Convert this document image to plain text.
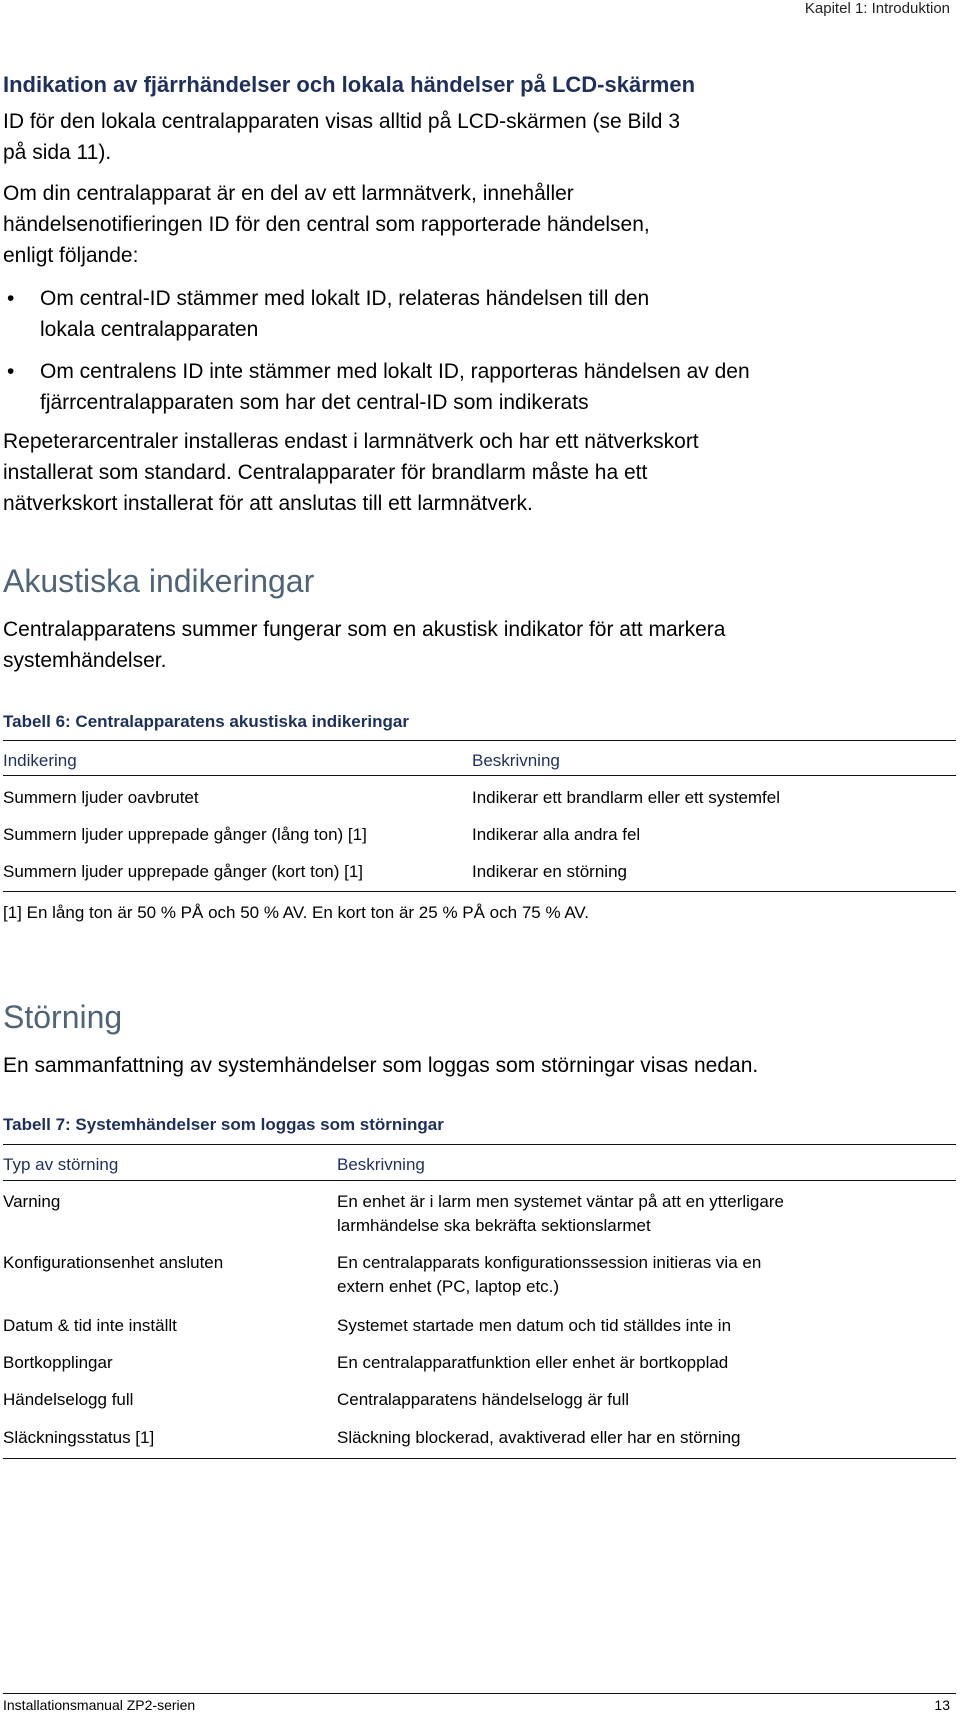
Kapitel 1: Introduktion
Indikation av fjärrhändelser och lokala händelser på LCD-skärmen
ID för den lokala centralapparaten visas alltid på LCD-skärmen (se Bild 3
på sida 11).
Om din centralapparat är en del av ett larmnätverk, innehåller
händelsenotifieringen ID för den central som rapporterade händelsen,
enligt följande:
• Om central-ID stämmer med lokalt ID, relateras händelsen till den
lokala centralapparaten
• Om centralens ID inte stämmer med lokalt ID, rapporteras händelsen av den
fjärrcentralapparaten som har det central-ID som indikerats
Repeterarcentraler installeras endast i larmnätverk och har ett nätverkskort
installerat som standard. Centralapparater för brandlarm måste ha ett
nätverkskort installerat för att anslutas till ett larmnätverk.
Akustiska indikeringar
Centralapparatens summer fungerar som en akustisk indikator för att markera
systemhändelser.
Tabell 6: Centralapparatens akustiska indikeringar
Indikering	Beskrivning
Summern ljuder oavbrutet	Indikerar ett brandlarm eller ett systemfel
Summern ljuder upprepade gånger (lång ton) [1]	Indikerar alla andra fel
Summern ljuder upprepade gånger (kort ton) [1]	Indikerar en störning
[1] En lång ton är 50 % PÅ och 50 % AV. En kort ton är 25 % PÅ och 75 % AV.
Störning
En sammanfattning av systemhändelser som loggas som störningar visas nedan.
Tabell 7: Systemhändelser som loggas som störningar
Typ av störning	Beskrivning
Varning	En enhet är i larm men systemet väntar på att en ytterligare
larmhändelse ska bekräfta sektionslarmet
Konfigurationsenhet ansluten	En centralapparats konfigurationssession initieras via en
extern enhet (PC, laptop etc.)
Datum & tid inte inställt	Systemet startade men datum och tid ställdes inte in
Bortkopplingar	En centralapparatfunktion eller enhet är bortkopplad
Händelselogg full	Centralapparatens händelselogg är full
Släckningsstatus [1]	Släckning blockerad, avaktiverad eller har en störning
Installationsmanual ZP2-serien	13
